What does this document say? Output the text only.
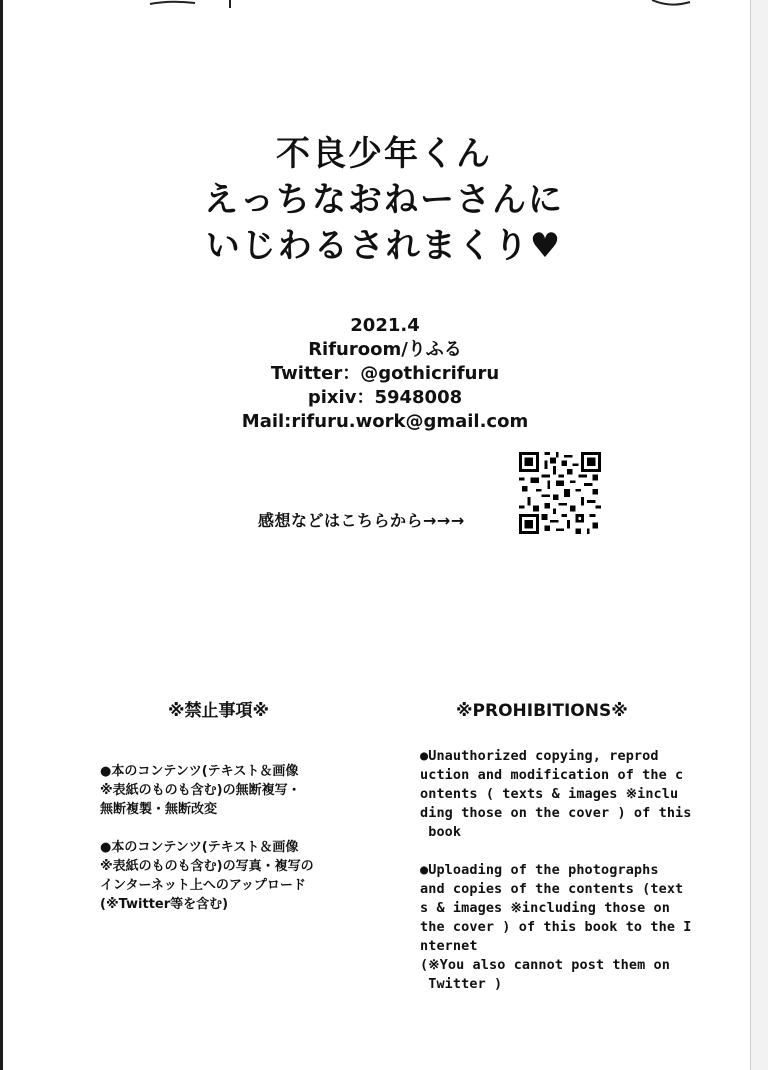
不良少年くん
えっちなおねーさんに
いじわるされまくり♥

2021.4

Rifuroom/りふる

Twitter：@gothicrifuru

pixiv：5948008

Mail:rifuru.work@gmail.com

感想などはこちらから→→→
※禁止事項※	※PROHIBITIONS※

●本のコンテンツ(テキスト＆画像
※表紙のものも含む)の無断複写・
無断複製・無断改変

●本のコンテンツ(テキスト＆画像
※表紙のものも含む)の写真・複写の
インターネット上へのアップロード
(※Twitter等を含む)

●Unauthorized copying, reprod
uction and modification of the c
ontents ( texts & images ※inclu
ding those on the cover ) of this
book

●Uploading of the photographs
and copies of the contents (text
s & images ※including those on
the cover ) of this book to the I
nternet
(※You also cannot post them on
Twitter )
